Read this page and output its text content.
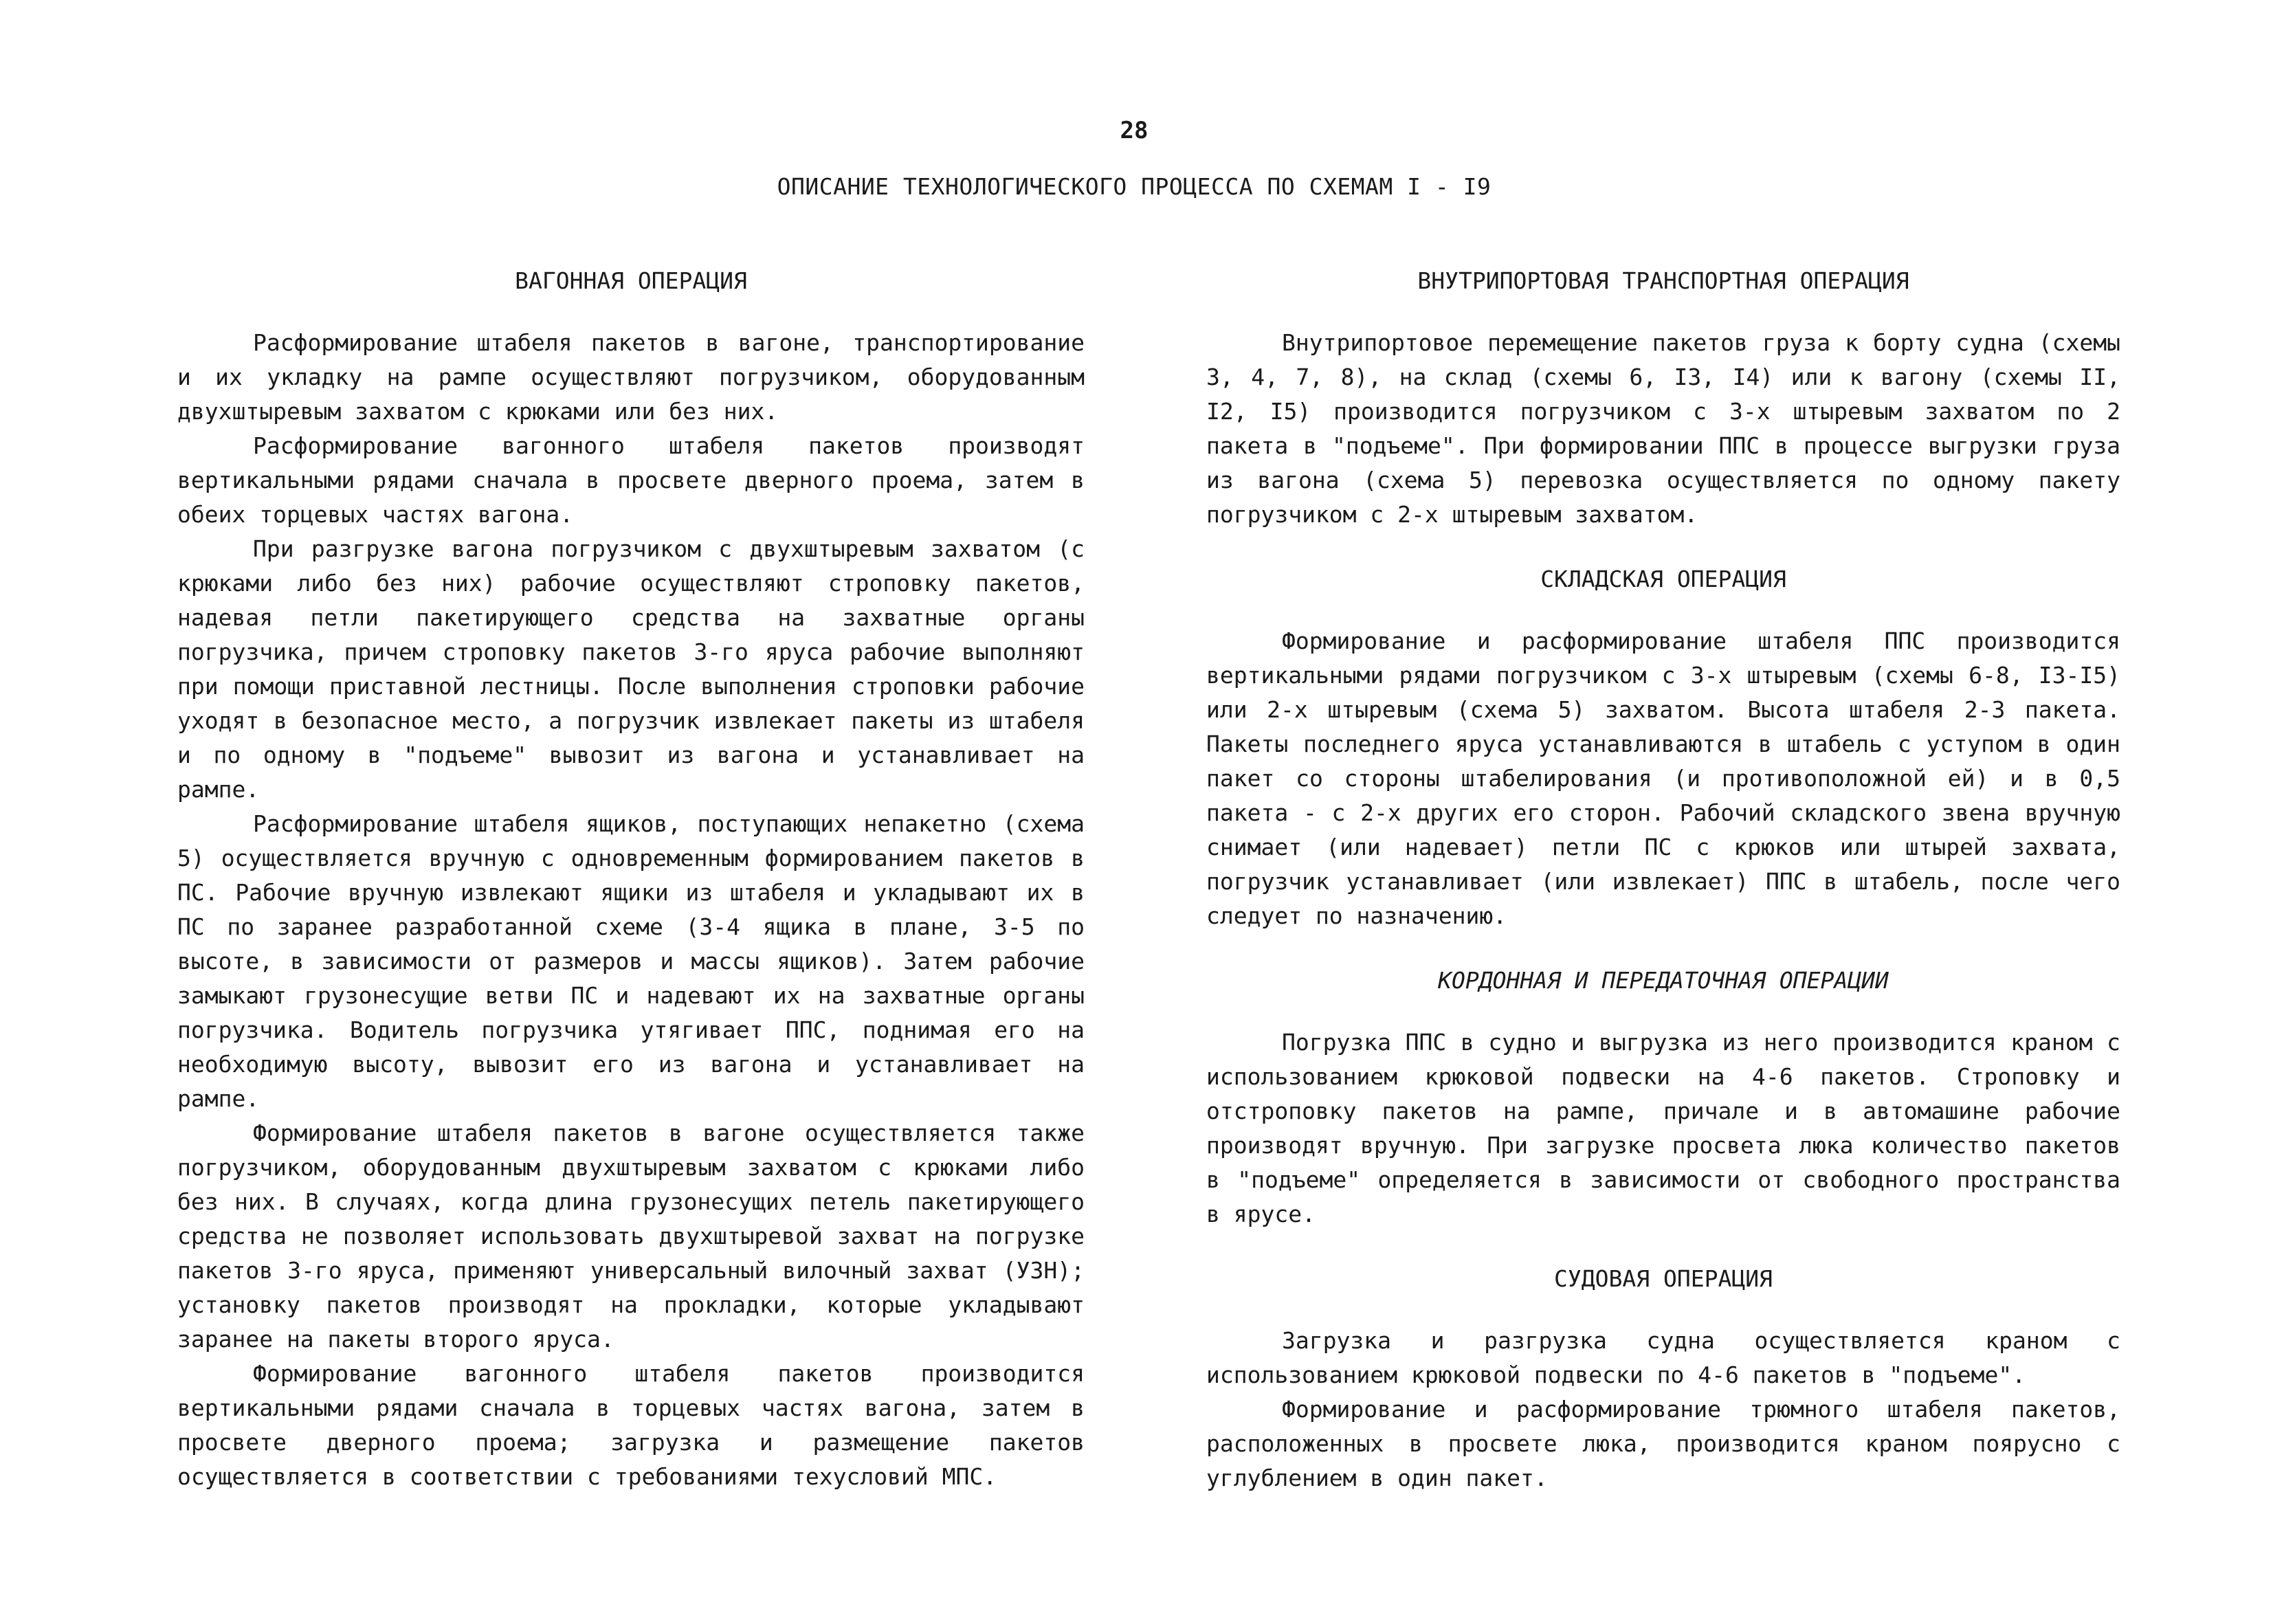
28
ОПИСАНИЕ ТЕХНОЛОГИЧЕСКОГО ПРОЦЕССА ПО СХЕМАМ I - I9
ВАГОННАЯ ОПЕРАЦИЯ

Расформирование штабеля пакетов в вагоне, транспортирование и их укладку на рампе осуществляют погрузчиком, оборудованным двухштыревым захватом с крюками или без них.

Расформирование вагонного штабеля пакетов производят вертикальными рядами сначала в просвете дверного проема, затем в обеих торцевых частях вагона.

При разгрузке вагона погрузчиком с двухштыревым захватом (с крюками либо без них) рабочие осуществляют строповку пакетов, надевая петли пакетирующего средства на захватные органы погрузчика, причем строповку пакетов 3-го яруса рабочие выполняют при помощи приставной лестницы. После выполнения строповки рабочие уходят в безопасное место, а погрузчик извлекает пакеты из штабеля и по одному в "подъеме" вывозит из вагона и устанавливает на рампе.

Расформирование штабеля ящиков, поступающих непакетно (схема 5) осуществляется вручную с одновременным формированием пакетов в ПС. Рабочие вручную извлекают ящики из штабеля и укладывают их в ПС по заранее разработанной схеме (3-4 ящика в плане, 3-5 по высоте, в зависимости от размеров и массы ящиков). Затем рабочие замыкают грузонесущие ветви ПС и надевают их на захватные органы погрузчика. Водитель погрузчика утягивает ППС, поднимая его на необходимую высоту, вывозит его из вагона и устанавливает на рампе.

Формирование штабеля пакетов в вагоне осуществляется также погрузчиком, оборудованным двухштыревым захватом с крюками либо без них. В случаях, когда длина грузонесущих петель пакетирующего средства не позволяет использовать двухштыревой захват на погрузке пакетов 3-го яруса, применяют универсальный вилочный захват (УЗН); установку пакетов производят на прокладки, которые укладывают заранее на пакеты второго яруса.

Формирование вагонного штабеля пакетов производится вертикальными рядами сначала в торцевых частях вагона, затем в просвете дверного проема; загрузка и размещение пакетов осуществляется в соответствии с требованиями техусловий МПС.

ВНУТРИПОРТОВАЯ ТРАНСПОРТНАЯ ОПЕРАЦИЯ

Внутрипортовое перемещение пакетов груза к борту судна (схемы 3, 4, 7, 8), на склад (схемы 6, I3, I4) или к вагону (схемы II, I2, I5) производится погрузчиком с 3-х штыревым захватом по 2 пакета в "подъеме". При формировании ППС в процессе выгрузки груза из вагона (схема 5) перевозка осуществляется по одному пакету погрузчиком с 2-х штыревым захватом.

СКЛАДСКАЯ ОПЕРАЦИЯ

Формирование и расформирование штабеля ППС производится вертикальными рядами погрузчиком с 3-х штыревым (схемы 6-8, I3-I5) или 2-х штыревым (схема 5) захватом. Высота штабеля 2-3 пакета. Пакеты последнего яруса устанавливаются в штабель с уступом в один пакет со стороны штабелирования (и противоположной ей) и в 0,5 пакета - с 2-х других его сторон. Рабочий складского звена вручную снимает (или надевает) петли ПС с крюков или штырей захвата, погрузчик устанавливает (или извлекает) ППС в штабель, после чего следует по назначению.

КОРДОННАЯ И ПЕРЕДАТОЧНАЯ ОПЕРАЦИИ

Погрузка ППС в судно и выгрузка из него производится краном с использованием крюковой подвески на 4-6 пакетов. Строповку и отстроповку пакетов на рампе, причале и в автомашине рабочие производят вручную. При загрузке просвета люка количество пакетов в "подъеме" определяется в зависимости от свободного пространства в ярусе.

СУДОВАЯ ОПЕРАЦИЯ

Загрузка и разгрузка судна осуществляется краном с использованием крюковой подвески по 4-6 пакетов в "подъеме".

Формирование и расформирование трюмного штабеля пакетов, расположенных в просвете люка, производится краном поярусно с углублением в один пакет.
